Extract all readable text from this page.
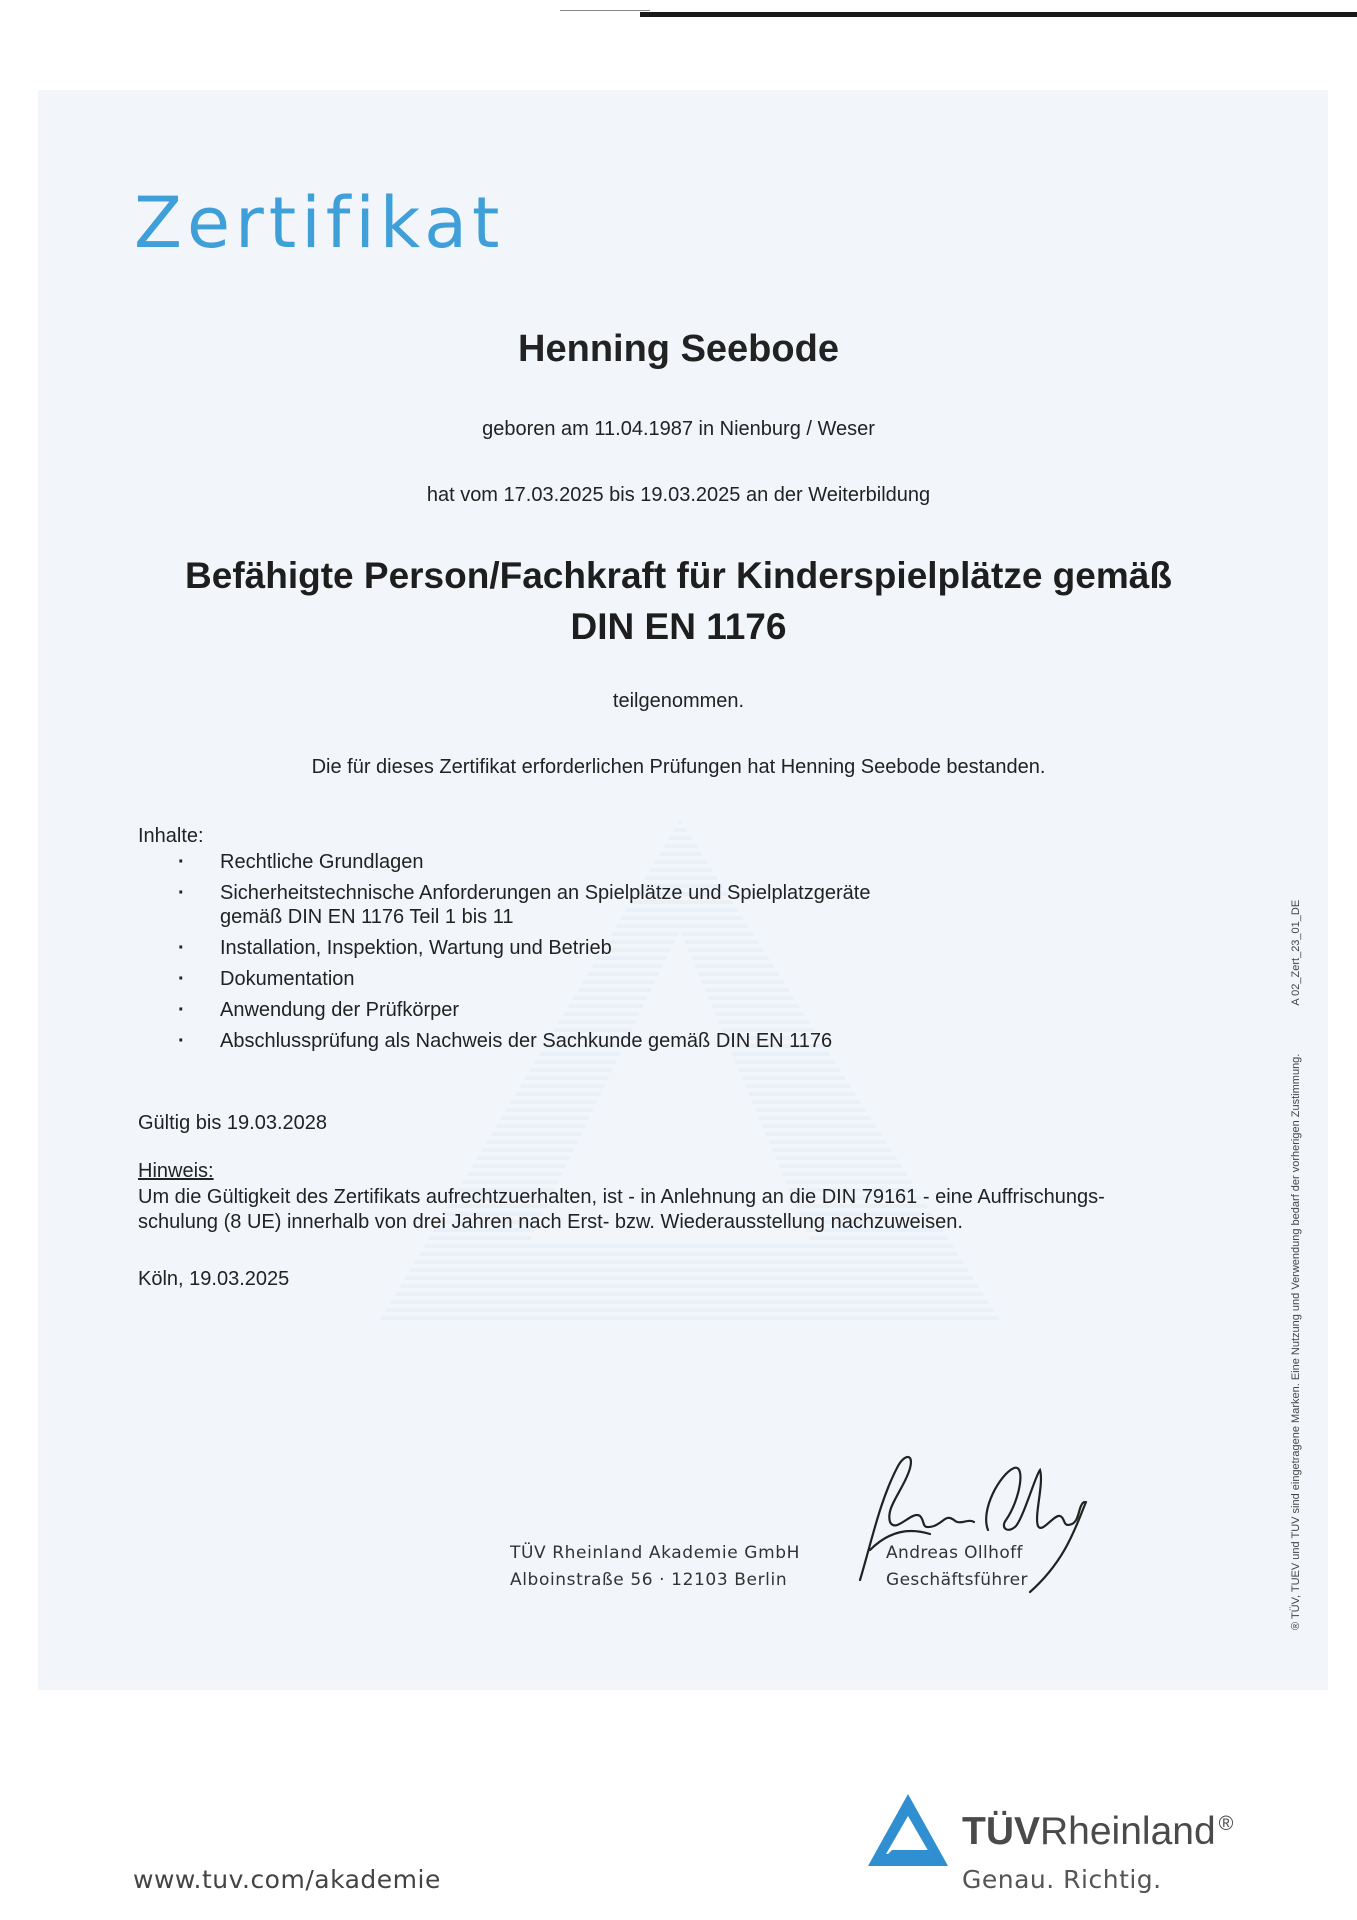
Zertifikat
Henning Seebode
geboren am 11.04.1987 in Nienburg / Weser
hat vom 17.03.2025 bis 19.03.2025 an der Weiterbildung
Befähigte Person/Fachkraft für Kinderspielplätze gemäß
DIN EN 1176
teilgenommen.
Die für dieses Zertifikat erforderlichen Prüfungen hat Henning Seebode bestanden.
Inhalte:
· Rechtliche Grundlagen
· Sicherheitstechnische Anforderungen an Spielplätze und Spielplatzgeräte
gemäß DIN EN 1176 Teil 1 bis 11
· Installation, Inspektion, Wartung und Betrieb
· Dokumentation
· Anwendung der Prüfkörper
· Abschlussprüfung als Nachweis der Sachkunde gemäß DIN EN 1176
Gültig bis 19.03.2028
Hinweis:
Um die Gültigkeit des Zertifikats aufrechtzuerhalten, ist - in Anlehnung an die DIN 79161 - eine Auffrischungs-
schulung (8 UE) innerhalb von drei Jahren nach Erst- bzw. Wiederausstellung nachzuweisen.
Köln, 19.03.2025
TÜV Rheinland Akademie GmbH
Alboinstraße 56 · 12103 Berlin
Andreas Ollhoff
Geschäftsführer	® TÜV, TUEV und TUV sind eingetragene Marken. Eine Nutzung und Verwendung bedarf der vorherigen Zustimmung.A 02_Zert_23_01_DE
www.tuv.com/akademie
TÜVRheinland ®
Genau. Richtig.
